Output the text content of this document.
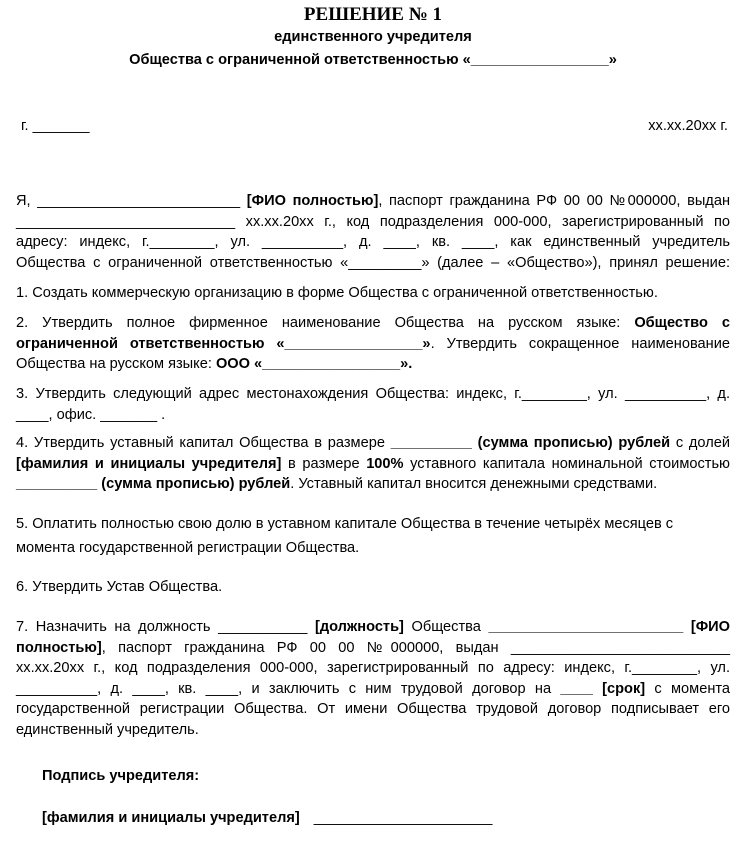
РЕШЕНИЕ № 1
единственного учредителя
Общества с ограниченной ответственностью «_________________»
г. _______	xx.xx.20xx г.
Я, _________________________ [ФИО полностью], паспорт гражданина РФ 00 00 №000000, выдан
___________________________ xx.xx.20xx г., код подразделения 000-000, зарегистрированный по
адресу: индекс, г.________, ул. __________, д. ____, кв. ____, как единственный учредитель
Общества с ограниченной ответственностью «_________» (далее – «Общество»), принял решение:
1. Создать коммерческую организацию в форме Общества с ограниченной ответственностью.
2. Утвердить полное фирменное наименование Общества на русском языке: Общество с
ограниченной ответственностью «_________________». Утвердить сокращенное наименование
Общества на русском языке: ООО «_________________».
3. Утвердить следующий адрес местонахождения Общества: индекс, г.________, ул. __________, д.
____, офис. _______ .
4. Утвердить уставный капитал Общества в размере __________ (сумма прописью) рублей с долей
[фамилия и инициалы учредителя] в размере 100% уставного капитала номинальной стоимостью
__________ (сумма прописью) рублей. Уставный капитал вносится денежными средствами.
5. Оплатить полностью свою долю в уставном капитале Общества в течение четырёх месяцев с
момента государственной регистрации Общества.
6. Утвердить Устав Общества.
7. Назначить на должность ___________ [должность] Общества ________________________ [ФИО
полностью], паспорт гражданина РФ 00 00 №000000, выдан ___________________________
xx.xx.20xx г., код подразделения 000-000, зарегистрированный по адресу: индекс, г.________, ул.
__________, д. ____, кв. ____, и заключить с ним трудовой договор на ____ [срок] с момента
государственной регистрации Общества. От имени Общества трудовой договор подписывает его
единственный учредитель.
Подпись учредителя:
[фамилия и инициалы учредителя] ______________________
